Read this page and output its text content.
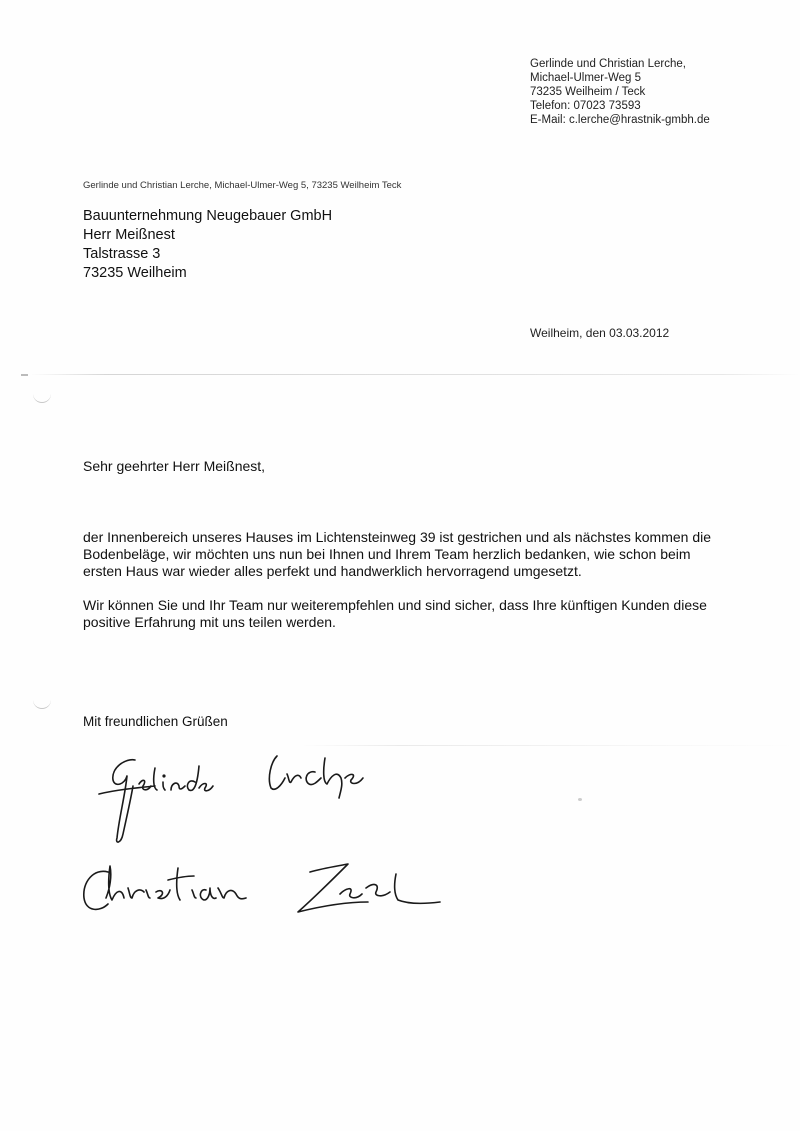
Gerlinde und Christian Lerche,
Michael-Ulmer-Weg 5
73235 Weilheim / Teck
Telefon: 07023 73593
E-Mail: c.lerche@hrastnik-gmbh.de
Gerlinde und Christian Lerche, Michael-Ulmer-Weg 5, 73235 Weilheim Teck
Bauunternehmung Neugebauer GmbH
Herr Meißnest
Talstrasse 3
73235 Weilheim
Weilheim, den 03.03.2012
Sehr geehrter Herr Meißnest,
der Innenbereich unseres Hauses im Lichtensteinweg 39 ist gestrichen und als nächstes kommen die
Bodenbeläge, wir möchten uns nun bei Ihnen und Ihrem Team herzlich bedanken, wie schon beim
ersten Haus war wieder alles perfekt und handwerklich hervorragend umgesetzt.
Wir können Sie und Ihr Team nur weiterempfehlen und sind sicher, dass Ihre künftigen Kunden diese
positive Erfahrung mit uns teilen werden.
Mit freundlichen Grüßen
